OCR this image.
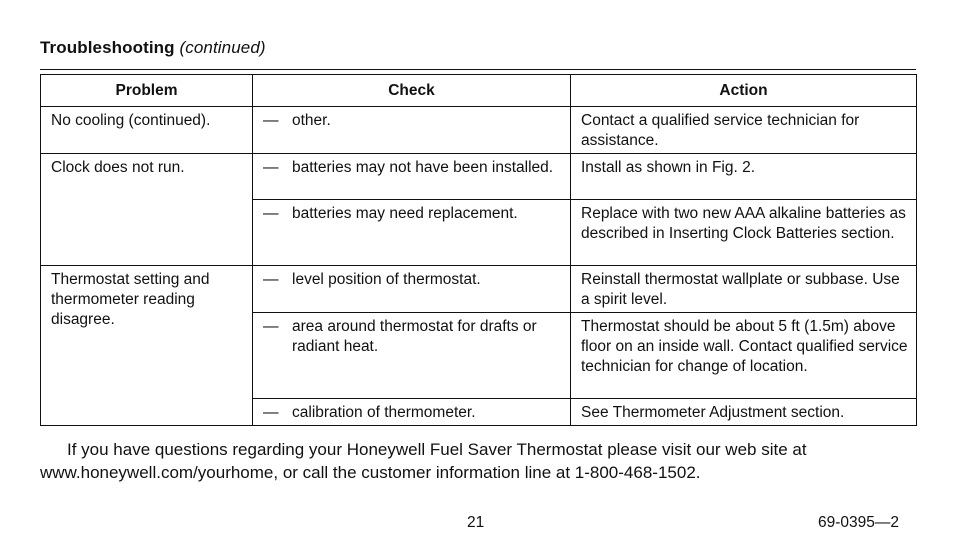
Troubleshooting (continued)
Problem	Check	Action
No cooling (continued).	— other.	Contact a qualified service technician for assistance.
Clock does not run.	— batteries may not have been installed.	Install as shown in Fig. 2.

	— batteries may need replacement.	Replace with two new AAA alkaline batteries as described in Inserting Clock Batteries section.
Thermostat setting and thermometer reading disagree.	— level position of thermostat.	Reinstall thermostat wallplate or subbase. Use a spirit level.

	— area around thermostat for drafts or radiant heat.	Thermostat should be about 5 ft (1.5m) above floor on an inside wall. Contact qualified service technician for change of location.

	— calibration of thermometer.	See Thermometer Adjustment section.

If you have questions regarding your Honeywell Fuel Saver Thermostat please visit our web site at www.honeywell.com/yourhome, or call the customer information line at 1-800-468-1502.

21	69-0395—2
